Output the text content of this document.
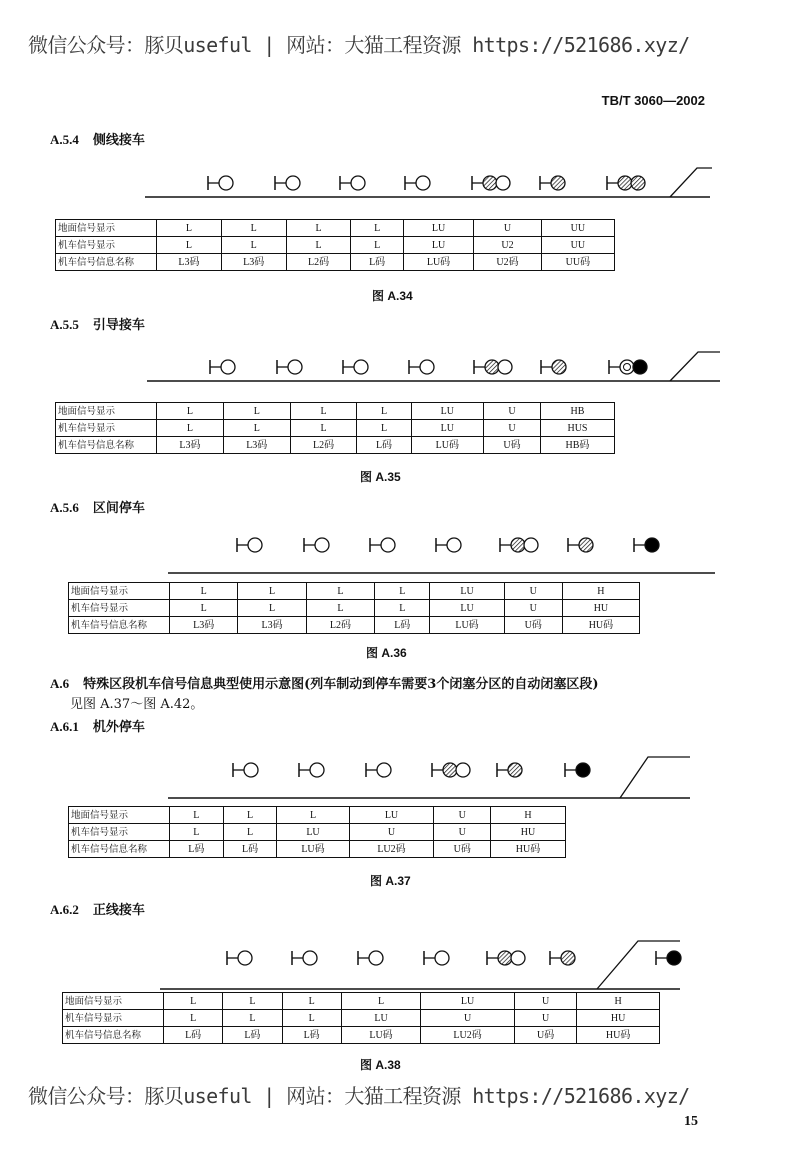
微信公众号：豚贝useful | 网站：大猫工程资源 https://521686.xyz/
TB/T 3060—2002
A.5.4 侧线接车
地面信号显示	L	L	L	L	LU	U	UU
机车信号显示	L	L	L	L	LU	U2	UU
机车信号信息名称	L3码	L3码	L2码	L码	LU码	U2码	UU码
图 A.34
A.5.5 引导接车
地面信号显示	L	L	L	L	LU	U	HB
机车信号显示	L	L	L	L	LU	U	HUS
机车信号信息名称	L3码	L3码	L2码	L码	LU码	U码	HB码
图 A.35
A.5.6 区间停车
地面信号显示	L	L	L	L	LU	U	H
机车信号显示	L	L	L	L	LU	U	HU
机车信号信息名称	L3码	L3码	L2码	L码	LU码	U码	HU码
图 A.36
A.6 特殊区段机车信号信息典型使用示意图(列车制动到停车需要3个闭塞分区的自动闭塞区段)
见图 A.37～图 A.42。
A.6.1 机外停车
地面信号显示	L	L	L	LU	U	H
机车信号显示	L	L	LU	U	U	HU
机车信号信息名称	L码	L码	LU码	LU2码	U码	HU码
图 A.37
A.6.2 正线接车
地面信号显示	L	L	L	L	LU	U	H
机车信号显示	L	L	L	LU	U	U	HU
机车信号信息名称	L码	L码	L码	LU码	LU2码	U码	HU码
图 A.38
微信公众号：豚贝useful | 网站：大猫工程资源 https://521686.xyz/
15
